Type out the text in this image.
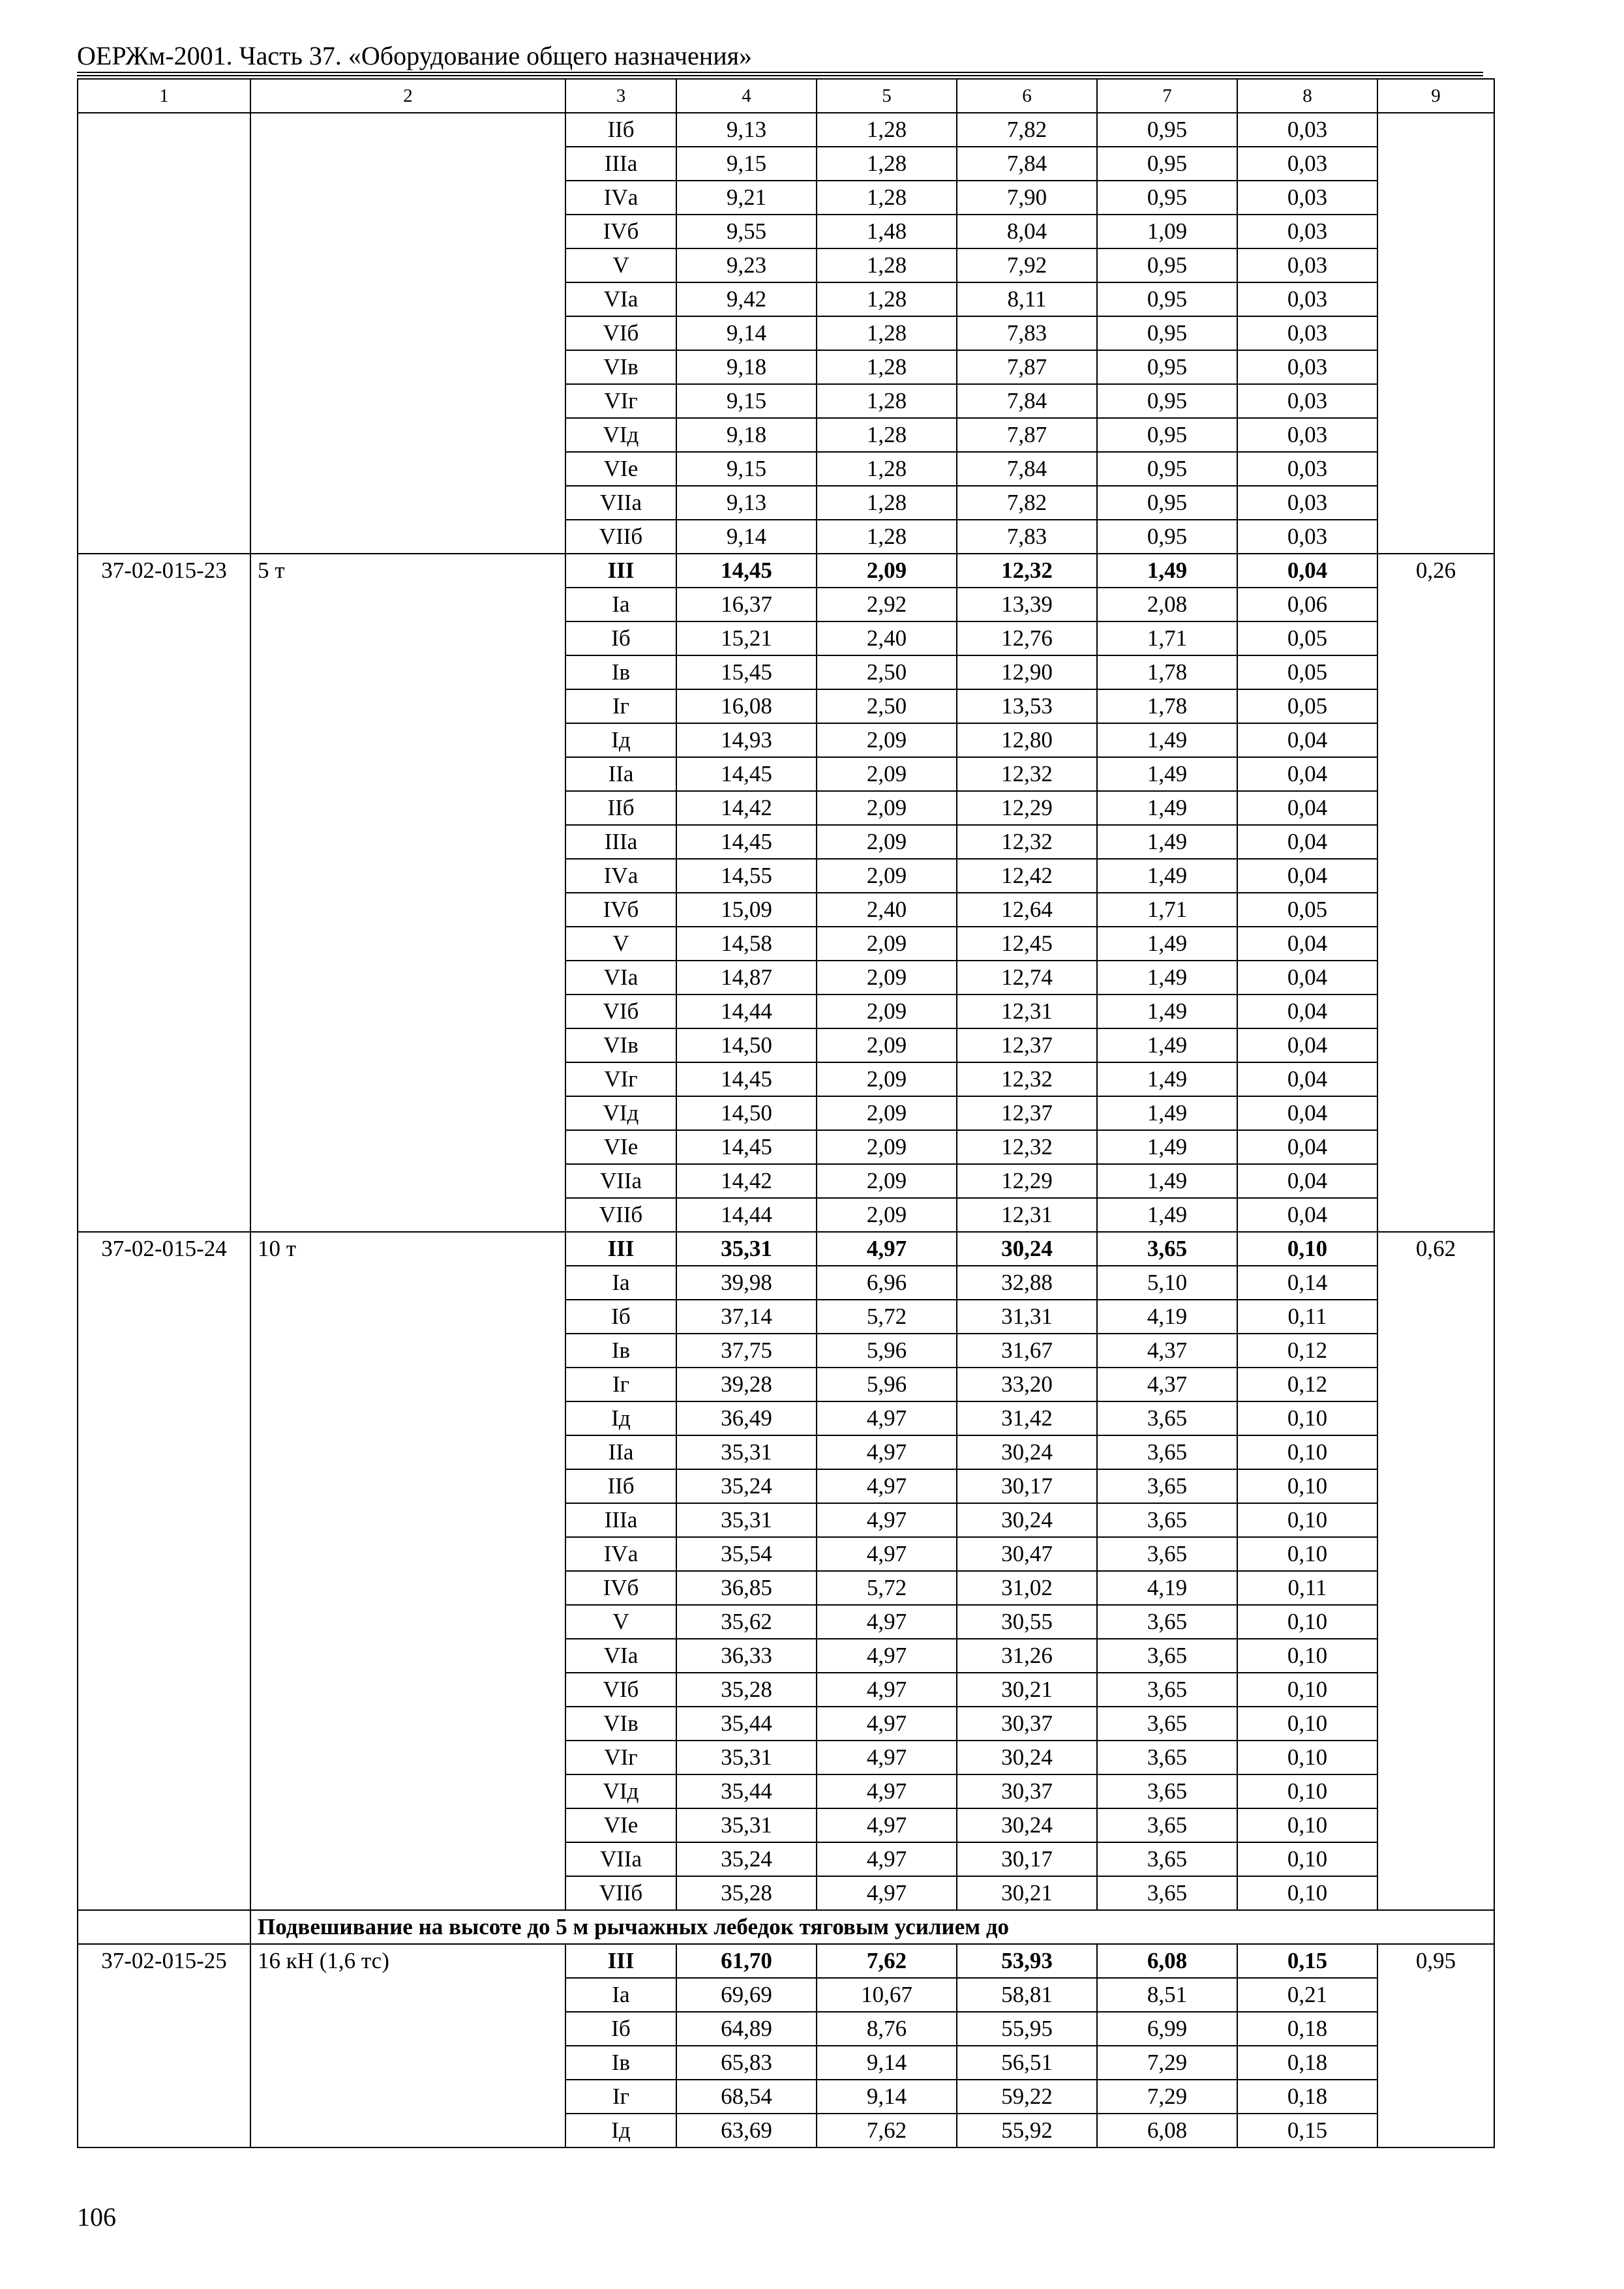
ОЕРЖм-2001. Часть 37. «Оборудование общего назначения»
1	2	3	4	5	6	7	8	9
		IIб	9,13	1,28	7,82	0,95	0,03	
		IIIа	9,15	1,28	7,84	0,95	0,03	
		IVа	9,21	1,28	7,90	0,95	0,03	
		IVб	9,55	1,48	8,04	1,09	0,03	
		V	9,23	1,28	7,92	0,95	0,03	
		VIа	9,42	1,28	8,11	0,95	0,03	
		VIб	9,14	1,28	7,83	0,95	0,03	
		VIв	9,18	1,28	7,87	0,95	0,03	
		VIг	9,15	1,28	7,84	0,95	0,03	
		VIд	9,18	1,28	7,87	0,95	0,03	
		VIе	9,15	1,28	7,84	0,95	0,03	
		VIIа	9,13	1,28	7,82	0,95	0,03	
		VIIб	9,14	1,28	7,83	0,95	0,03	
37-02-015-23	5 т	III	14,45	2,09	12,32	1,49	0,04	0,26
		Iа	16,37	2,92	13,39	2,08	0,06	
		Iб	15,21	2,40	12,76	1,71	0,05	
		Iв	15,45	2,50	12,90	1,78	0,05	
		Iг	16,08	2,50	13,53	1,78	0,05	
		Iд	14,93	2,09	12,80	1,49	0,04	
		IIа	14,45	2,09	12,32	1,49	0,04	
		IIб	14,42	2,09	12,29	1,49	0,04	
		IIIа	14,45	2,09	12,32	1,49	0,04	
		IVа	14,55	2,09	12,42	1,49	0,04	
		IVб	15,09	2,40	12,64	1,71	0,05	
		V	14,58	2,09	12,45	1,49	0,04	
		VIа	14,87	2,09	12,74	1,49	0,04	
		VIб	14,44	2,09	12,31	1,49	0,04	
		VIв	14,50	2,09	12,37	1,49	0,04	
		VIг	14,45	2,09	12,32	1,49	0,04	
		VIд	14,50	2,09	12,37	1,49	0,04	
		VIе	14,45	2,09	12,32	1,49	0,04	
		VIIа	14,42	2,09	12,29	1,49	0,04	
		VIIб	14,44	2,09	12,31	1,49	0,04	
37-02-015-24	10 т	III	35,31	4,97	30,24	3,65	0,10	0,62
		Iа	39,98	6,96	32,88	5,10	0,14	
		Iб	37,14	5,72	31,31	4,19	0,11	
		Iв	37,75	5,96	31,67	4,37	0,12	
		Iг	39,28	5,96	33,20	4,37	0,12	
		Iд	36,49	4,97	31,42	3,65	0,10	
		IIа	35,31	4,97	30,24	3,65	0,10	
		IIб	35,24	4,97	30,17	3,65	0,10	
		IIIа	35,31	4,97	30,24	3,65	0,10	
		IVа	35,54	4,97	30,47	3,65	0,10	
		IVб	36,85	5,72	31,02	4,19	0,11	
		V	35,62	4,97	30,55	3,65	0,10	
		VIа	36,33	4,97	31,26	3,65	0,10	
		VIб	35,28	4,97	30,21	3,65	0,10	
		VIв	35,44	4,97	30,37	3,65	0,10	
		VIг	35,31	4,97	30,24	3,65	0,10	
		VIд	35,44	4,97	30,37	3,65	0,10	
		VIе	35,31	4,97	30,24	3,65	0,10	
		VIIа	35,24	4,97	30,17	3,65	0,10	
		VIIб	35,28	4,97	30,21	3,65	0,10	
	Подвешивание на высоте до 5 м рычажных лебедок тяговым усилием до							
37-02-015-25	16 кН (1,6 тс)	III	61,70	7,62	53,93	6,08	0,15	0,95
		Iа	69,69	10,67	58,81	8,51	0,21	
		Iб	64,89	8,76	55,95	6,99	0,18	
		Iв	65,83	9,14	56,51	7,29	0,18	
		Iг	68,54	9,14	59,22	7,29	0,18	
		Iд	63,69	7,62	55,92	6,08	0,15	
106
